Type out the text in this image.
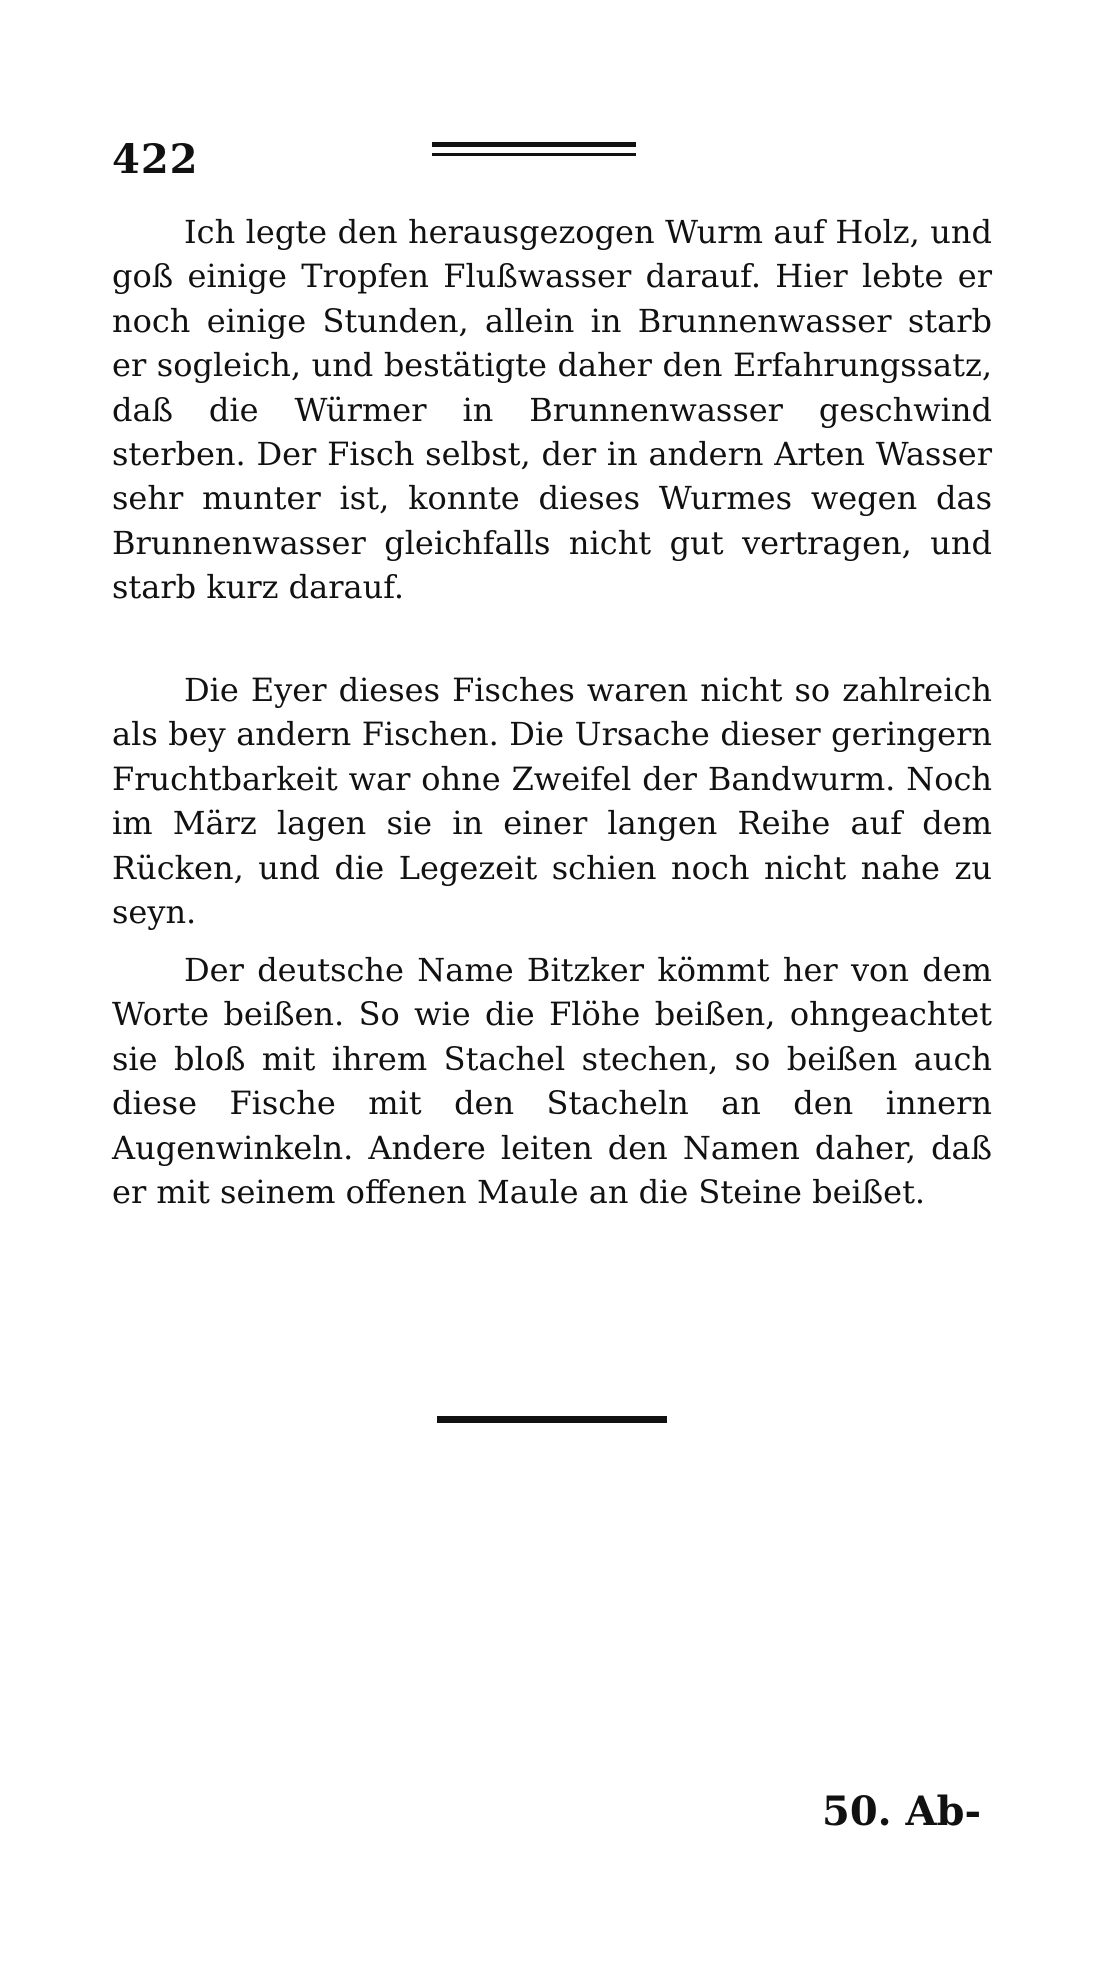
422

Ich legte den herausgezogen Wurm auf Holz, und goß einige Tropfen Flußwasser darauf. Hier lebte er noch einige Stunden, allein in Brunnenwasser starb er sogleich, und bestätigte daher den Erfahrungssatz, daß die Würmer in Brunnenwasser geschwind sterben. Der Fisch selbst, der in andern Arten Wasser sehr munter ist, konnte dieses Wurmes wegen das Brunnenwasser gleichfalls nicht gut vertragen, und starb kurz darauf.

Die Eyer dieses Fisches waren nicht so zahlreich als bey andern Fischen. Die Ursache dieser geringern Fruchtbarkeit war ohne Zweifel der Bandwurm. Noch im März lagen sie in einer langen Reihe auf dem Rücken, und die Legezeit schien noch nicht nahe zu seyn.

Der deutsche Name Bitzker kömmt her von dem Worte beißen. So wie die Flöhe beißen, ohngeachtet sie bloß mit ihrem Stachel stechen, so beißen auch diese Fische mit den Stacheln an den innern Augenwinkeln. Andere leiten den Namen daher, daß er mit seinem offenen Maule an die Steine beißet.

50. Ab-
